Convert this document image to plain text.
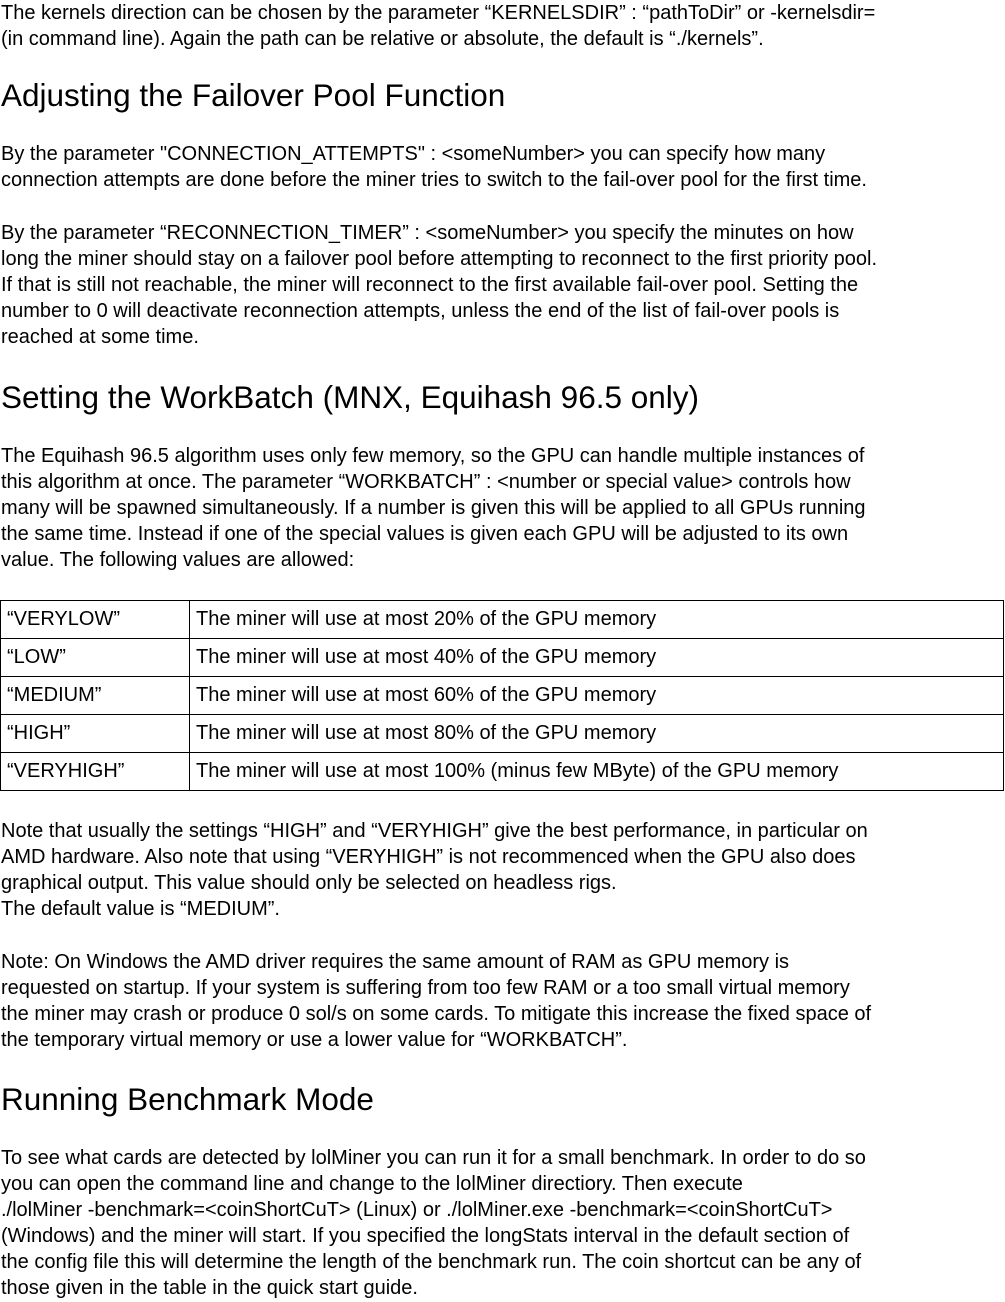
The kernels direction can be chosen by the parameter “KERNELSDIR” : “pathToDir” or -kernelsdir=
(in command line). Again the path can be relative or absolute, the default is “./kernels”.

Adjusting the Failover Pool Function

By the parameter "CONNECTION_ATTEMPTS" : <someNumber> you can specify how many
connection attempts are done before the miner tries to switch to the fail-over pool for the first time.

By the parameter “RECONNECTION_TIMER” : <someNumber> you specify the minutes on how
long the miner should stay on a failover pool before attempting to reconnect to the first priority pool.
If that is still not reachable, the miner will reconnect to the first available fail-over pool. Setting the
number to 0 will deactivate reconnection attempts, unless the end of the list of fail-over pools is
reached at some time.

Setting the WorkBatch (MNX, Equihash 96.5 only)

The Equihash 96.5 algorithm uses only few memory, so the GPU can handle multiple instances of
this algorithm at once. The parameter “WORKBATCH” : <number or special value> controls how
many will be spawned simultaneously. If a number is given this will be applied to all GPUs running
the same time. Instead if one of the special values is given each GPU will be adjusted to its own
value. The following values are allowed:

“VERYLOW”	The miner will use at most 20% of the GPU memory
“LOW”	The miner will use at most 40% of the GPU memory
“MEDIUM”	The miner will use at most 60% of the GPU memory
“HIGH”	The miner will use at most 80% of the GPU memory
“VERYHIGH”	The miner will use at most 100% (minus few MByte) of the GPU memory

Note that usually the settings “HIGH” and “VERYHIGH” give the best performance, in particular on
AMD hardware. Also note that using “VERYHIGH” is not recommenced when the GPU also does
graphical output. This value should only be selected on headless rigs.
The default value is “MEDIUM”.

Note: On Windows the AMD driver requires the same amount of RAM as GPU memory is
requested on startup. If your system is suffering from too few RAM or a too small virtual memory
the miner may crash or produce 0 sol/s on some cards. To mitigate this increase the fixed space of
the temporary virtual memory or use a lower value for “WORKBATCH”.

Running Benchmark Mode

To see what cards are detected by lolMiner you can run it for a small benchmark. In order to do so
you can open the command line and change to the lolMiner directiory. Then execute
./lolMiner -benchmark=<coinShortCuT> (Linux) or ./lolMiner.exe -benchmark=<coinShortCuT>
(Windows) and the miner will start. If you specified the longStats interval in the default section of
the config file this will determine the length of the benchmark run. The coin shortcut can be any of
those given in the table in the quick start guide.
